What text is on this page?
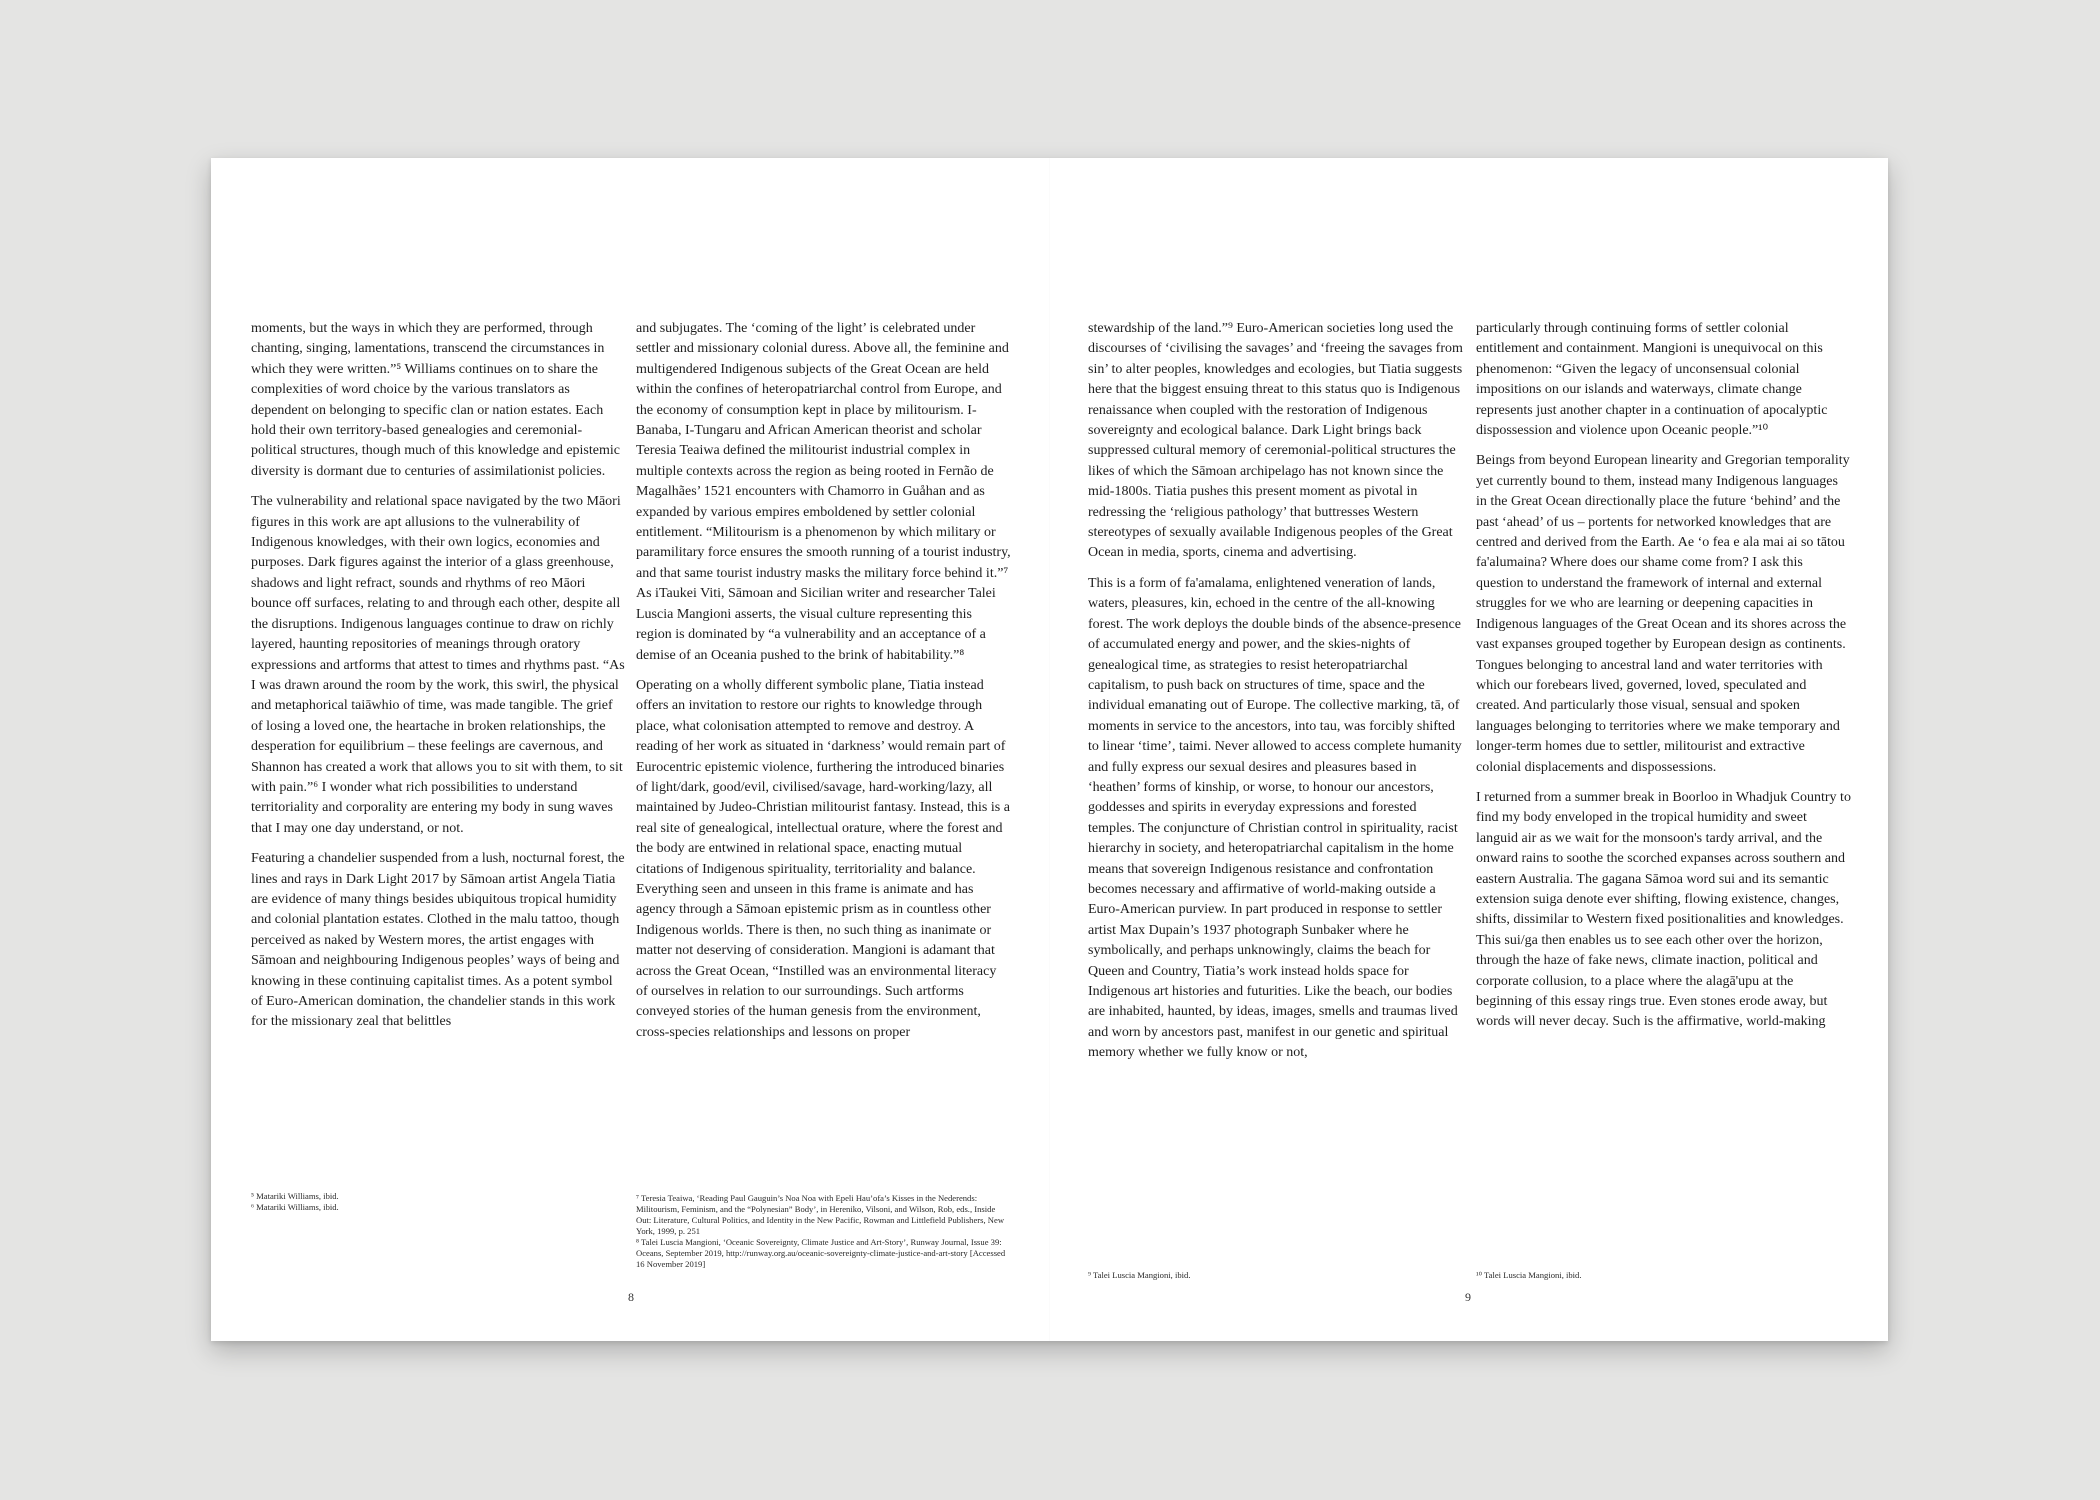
moments, but the ways in which they are performed, through chanting, singing, lamentations, transcend the circumstances in which they were written.”⁵ Williams continues on to share the complexities of word choice by the various translators as dependent on belonging to specific clan or nation estates. Each hold their own territory-based genealogies and ceremonial-political structures, though much of this knowledge and epistemic diversity is dormant due to centuries of assimilationist policies.

The vulnerability and relational space navigated by the two Māori figures in this work are apt allusions to the vulnerability of Indigenous knowledges, with their own logics, economies and purposes. Dark figures against the interior of a glass greenhouse, shadows and light refract, sounds and rhythms of reo Māori bounce off surfaces, relating to and through each other, despite all the disruptions. Indigenous languages continue to draw on richly layered, haunting repositories of meanings through oratory expressions and artforms that attest to times and rhythms past. “As I was drawn around the room by the work, this swirl, the physical and metaphorical taiāwhio of time, was made tangible. The grief of losing a loved one, the heartache in broken relationships, the desperation for equilibrium – these feelings are cavernous, and Shannon has created a work that allows you to sit with them, to sit with pain.”⁶ I wonder what rich possibilities to understand territoriality and corporality are entering my body in sung waves that I may one day understand, or not.

Featuring a chandelier suspended from a lush, nocturnal forest, the lines and rays in Dark Light 2017 by Sāmoan artist Angela Tiatia are evidence of many things besides ubiquitous tropical humidity and colonial plantation estates. Clothed in the malu tattoo, though perceived as naked by Western mores, the artist engages with Sāmoan and neighbouring Indigenous peoples’ ways of being and knowing in these continuing capitalist times. As a potent symbol of Euro-American domination, the chandelier stands in this work for the missionary zeal that belittles

and subjugates. The ‘coming of the light’ is celebrated under settler and missionary colonial duress. Above all, the feminine and multigendered Indigenous subjects of the Great Ocean are held within the confines of heteropatriarchal control from Europe, and the economy of consumption kept in place by militourism. I-Banaba, I-Tungaru and African American theorist and scholar Teresia Teaiwa defined the militourist industrial complex in multiple contexts across the region as being rooted in Fernão de Magalhães’ 1521 encounters with Chamorro in Guåhan and as expanded by various empires emboldened by settler colonial entitlement. “Militourism is a phenomenon by which military or paramilitary force ensures the smooth running of a tourist industry, and that same tourist industry masks the military force behind it.”⁷ As iTaukei Viti, Sāmoan and Sicilian writer and researcher Talei Luscia Mangioni asserts, the visual culture representing this region is dominated by “a vulnerability and an acceptance of a demise of an Oceania pushed to the brink of habitability.”⁸

Operating on a wholly different symbolic plane, Tiatia instead offers an invitation to restore our rights to knowledge through place, what colonisation attempted to remove and destroy. A reading of her work as situated in ‘darkness’ would remain part of Eurocentric epistemic violence, furthering the introduced binaries of light/dark, good/evil, civilised/savage, hard-working/lazy, all maintained by Judeo-Christian militourist fantasy. Instead, this is a real site of genealogical, intellectual orature, where the forest and the body are entwined in relational space, enacting mutual citations of Indigenous spirituality, territoriality and balance. Everything seen and unseen in this frame is animate and has agency through a Sāmoan epistemic prism as in countless other Indigenous worlds. There is then, no such thing as inanimate or matter not deserving of consideration. Mangioni is adamant that across the Great Ocean, “Instilled was an environmental literacy of ourselves in relation to our surroundings. Such artforms conveyed stories of the human genesis from the environment, cross-species relationships and lessons on proper

stewardship of the land.”⁹ Euro-American societies long used the discourses of ‘civilising the savages’ and ‘freeing the savages from sin’ to alter peoples, knowledges and ecologies, but Tiatia suggests here that the biggest ensuing threat to this status quo is Indigenous renaissance when coupled with the restoration of Indigenous sovereignty and ecological balance. Dark Light brings back suppressed cultural memory of ceremonial-political structures the likes of which the Sāmoan archipelago has not known since the mid-1800s. Tiatia pushes this present moment as pivotal in redressing the ‘religious pathology’ that buttresses Western stereotypes of sexually available Indigenous peoples of the Great Ocean in media, sports, cinema and advertising.

This is a form of fa'amalama, enlightened veneration of lands, waters, pleasures, kin, echoed in the centre of the all-knowing forest. The work deploys the double binds of the absence-presence of accumulated energy and power, and the skies-nights of genealogical time, as strategies to resist heteropatriarchal capitalism, to push back on structures of time, space and the individual emanating out of Europe. The collective marking, tā, of moments in service to the ancestors, into tau, was forcibly shifted to linear ‘time’, taimi. Never allowed to access complete humanity and fully express our sexual desires and pleasures based in ‘heathen’ forms of kinship, or worse, to honour our ancestors, goddesses and spirits in everyday expressions and forested temples. The conjuncture of Christian control in spirituality, racist hierarchy in society, and heteropatriarchal capitalism in the home means that sovereign Indigenous resistance and confrontation becomes necessary and affirmative of world-making outside a Euro-American purview. In part produced in response to settler artist Max Dupain’s 1937 photograph Sunbaker where he symbolically, and perhaps unknowingly, claims the beach for Queen and Country, Tiatia’s work instead holds space for Indigenous art histories and futurities. Like the beach, our bodies are inhabited, haunted, by ideas, images, smells and traumas lived and worn by ancestors past, manifest in our genetic and spiritual memory whether we fully know or not,

particularly through continuing forms of settler colonial entitlement and containment. Mangioni is unequivocal on this phenomenon: “Given the legacy of unconsensual colonial impositions on our islands and waterways, climate change represents just another chapter in a continuation of apocalyptic dispossession and violence upon Oceanic people.”¹⁰

Beings from beyond European linearity and Gregorian temporality yet currently bound to them, instead many Indigenous languages in the Great Ocean directionally place the future ‘behind’ and the past ‘ahead’ of us – portents for networked knowledges that are centred and derived from the Earth. Ae ‘o fea e ala mai ai so tātou fa'alumaina? Where does our shame come from? I ask this question to understand the framework of internal and external struggles for we who are learning or deepening capacities in Indigenous languages of the Great Ocean and its shores across the vast expanses grouped together by European design as continents. Tongues belonging to ancestral land and water territories with which our forebears lived, governed, loved, speculated and created. And particularly those visual, sensual and spoken languages belonging to territories where we make temporary and longer-term homes due to settler, militourist and extractive colonial displacements and dispossessions.

I returned from a summer break in Boorloo in Whadjuk Country to find my body enveloped in the tropical humidity and sweet languid air as we wait for the monsoon's tardy arrival, and the onward rains to soothe the scorched expanses across southern and eastern Australia. The gagana Sāmoa word sui and its semantic extension suiga denote ever shifting, flowing existence, changes, shifts, dissimilar to Western fixed positionalities and knowledges. This sui/ga then enables us to see each other over the horizon, through the haze of fake news, climate inaction, political and corporate collusion, to a place where the alagā'upu at the beginning of this essay rings true. Even stones erode away, but words will never decay. Such is the affirmative, world-making

⁵ Matariki Williams, ibid.

⁶ Matariki Williams, ibid.

⁷ Teresia Teaiwa, ‘Reading Paul Gauguin’s Noa Noa with Epeli Hau’ofa’s Kisses in the Nederends: Militourism, Feminism, and the “Polynesian” Body’, in Hereniko, Vilsoni, and Wilson, Rob, eds., Inside Out: Literature, Cultural Politics, and Identity in the New Pacific, Rowman and Littlefield Publishers, New York, 1999, p. 251

⁸ Talei Luscia Mangioni, ‘Oceanic Sovereignty, Climate Justice and Art-Story’, Runway Journal, Issue 39: Oceans, September 2019, http://runway.org.au/oceanic-sovereignty-climate-justice-and-art-story [Accessed 16 November 2019]

⁹ Talei Luscia Mangioni, ibid.	¹⁰ Talei Luscia Mangioni, ibid.

8	9
